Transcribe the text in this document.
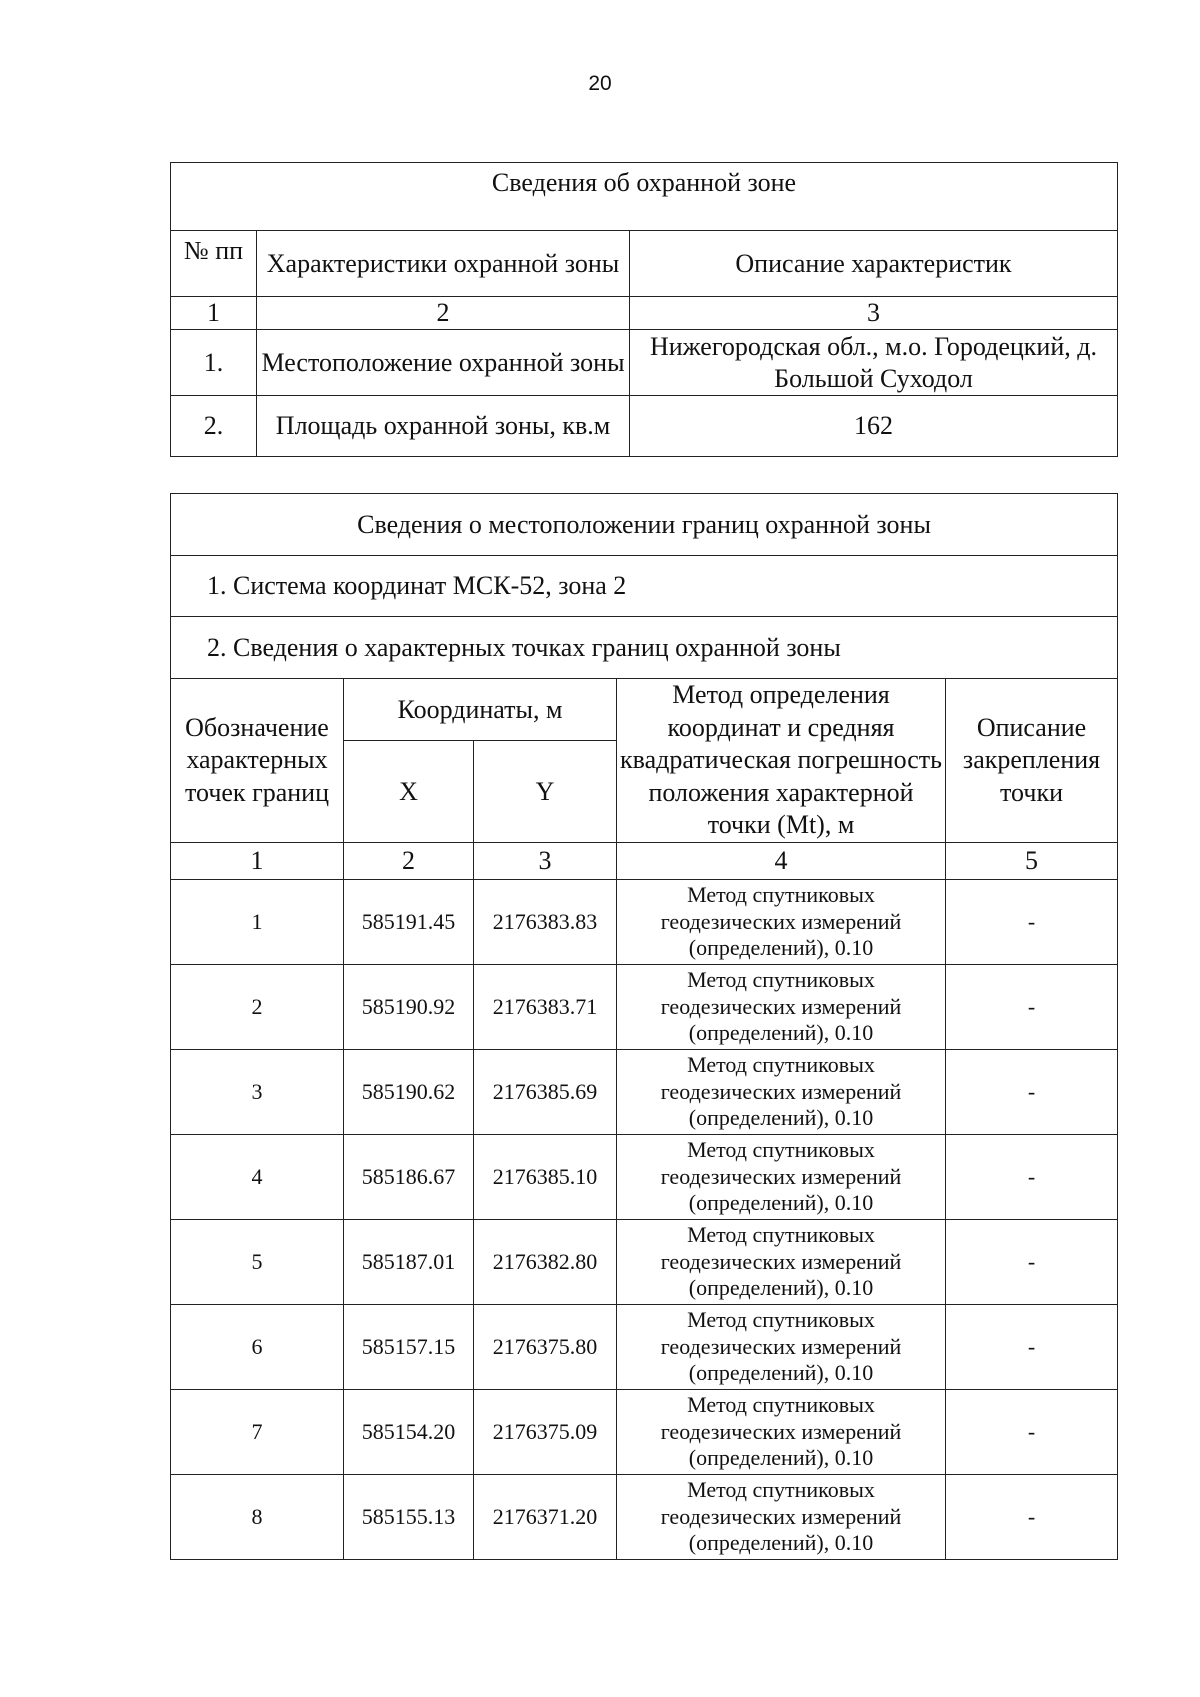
20
Сведения об охранной зоне		
№ пп	Характеристики охранной зоны	Описание характеристик
1	2	3
1.	Местоположение охранной зоны	Нижегородская обл., м.о. Городецкий, д. Большой Суходол
2.	Площадь охранной зоны, кв.м	162
Сведения о местоположении границ охранной зоны				
1. Система координат МСК-52, зона 2				
2. Сведения о характерных точках границ охранной зоны				
Обозначение характерных точек границ	Координаты, м		Метод определения координат и средняя квадратическая погрешность положения характерной точки (Mt), м	Описание закрепления точки
	X	Y		
1	2	3	4	5
1	585191.45	2176383.83	Метод спутниковых геодезических измерений (определений), 0.10	-
2	585190.92	2176383.71	Метод спутниковых геодезических измерений (определений), 0.10	-
3	585190.62	2176385.69	Метод спутниковых геодезических измерений (определений), 0.10	-
4	585186.67	2176385.10	Метод спутниковых геодезических измерений (определений), 0.10	-
5	585187.01	2176382.80	Метод спутниковых геодезических измерений (определений), 0.10	-
6	585157.15	2176375.80	Метод спутниковых геодезических измерений (определений), 0.10	-
7	585154.20	2176375.09	Метод спутниковых геодезических измерений (определений), 0.10	-
8	585155.13	2176371.20	Метод спутниковых геодезических измерений (определений), 0.10	-
